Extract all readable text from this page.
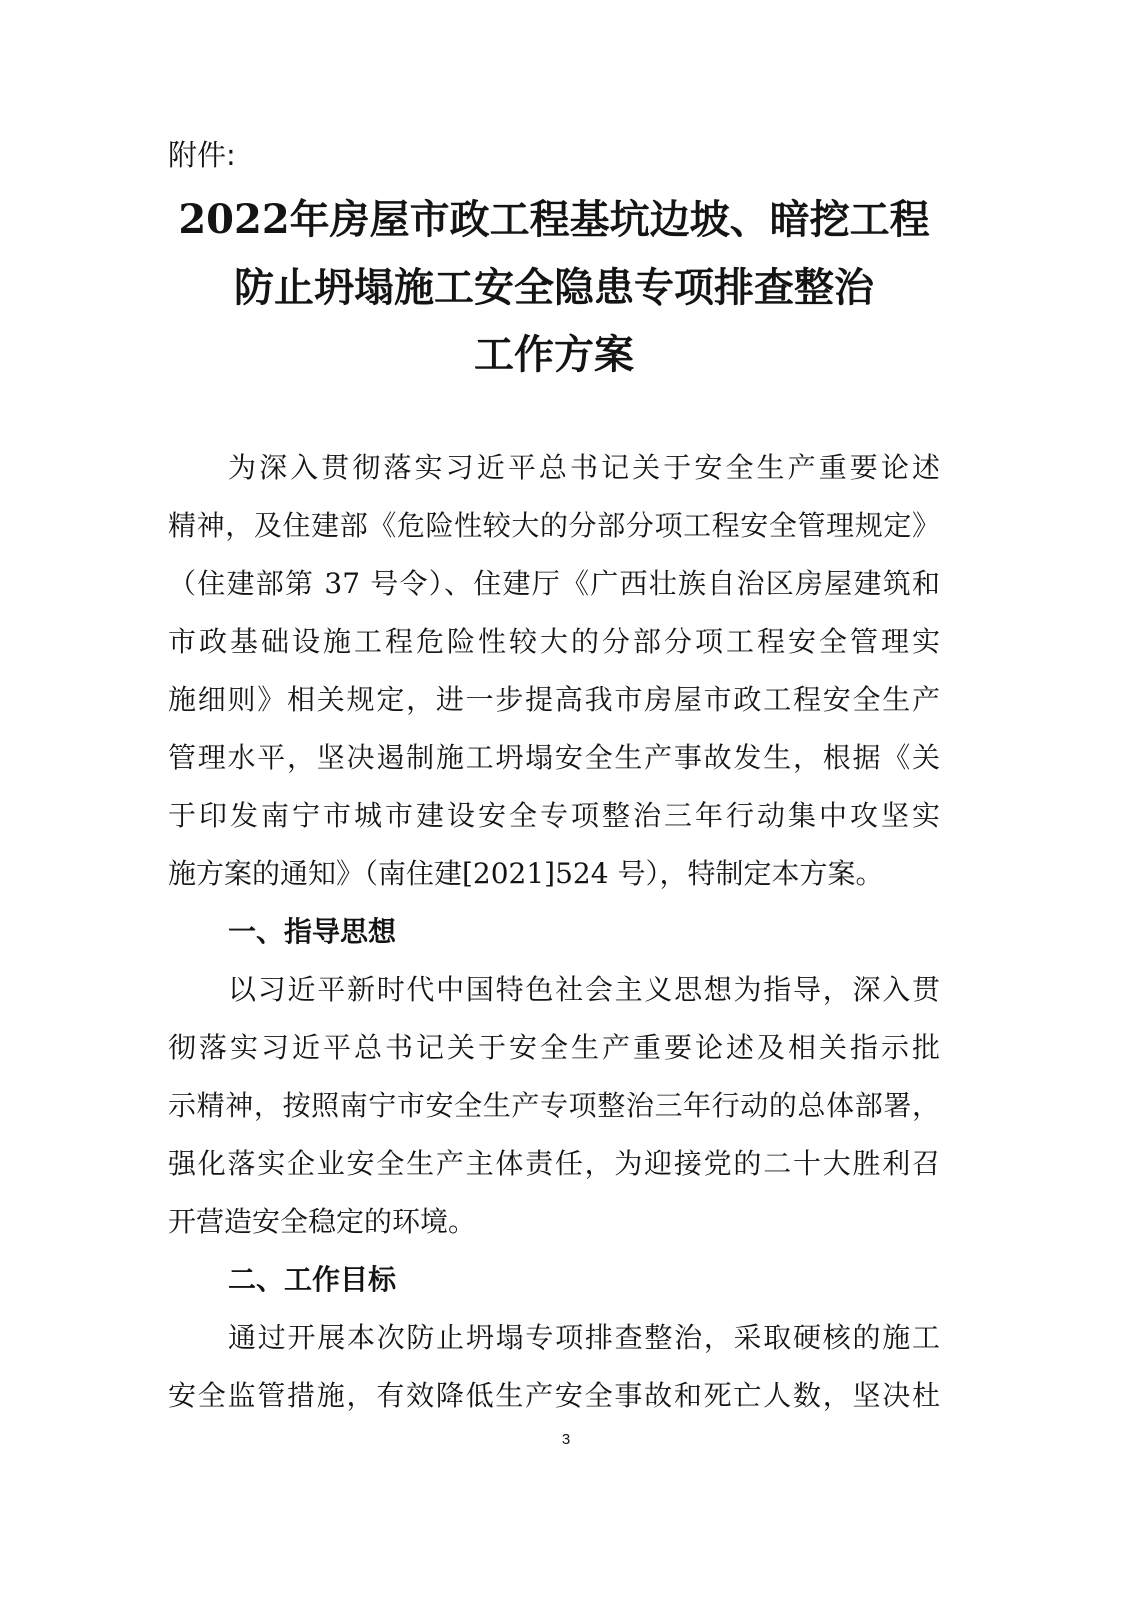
附件:
2022年房屋市政工程基坑边坡、暗挖工程
防止坍塌施工安全隐患专项排查整治
工作方案
为深入贯彻落实习近平总书记关于安全生产重要论述
精神，及住建部《危险性较大的分部分项工程安全管理规定》
（住建部第 37 号令）、住建厅《广西壮族自治区房屋建筑和
市政基础设施工程危险性较大的分部分项工程安全管理实
施细则》相关规定，进一步提高我市房屋市政工程安全生产
管理水平，坚决遏制施工坍塌安全生产事故发生，根据《关
于印发南宁市城市建设安全专项整治三年行动集中攻坚实
施方案的通知》（南住建[2021]524 号），特制定本方案。
一、指导思想
以习近平新时代中国特色社会主义思想为指导，深入贯
彻落实习近平总书记关于安全生产重要论述及相关指示批
示精神，按照南宁市安全生产专项整治三年行动的总体部署，
强化落实企业安全生产主体责任，为迎接党的二十大胜利召
开营造安全稳定的环境。
二、工作目标
通过开展本次防止坍塌专项排查整治，采取硬核的施工
安全监管措施，有效降低生产安全事故和死亡人数，坚决杜
3
